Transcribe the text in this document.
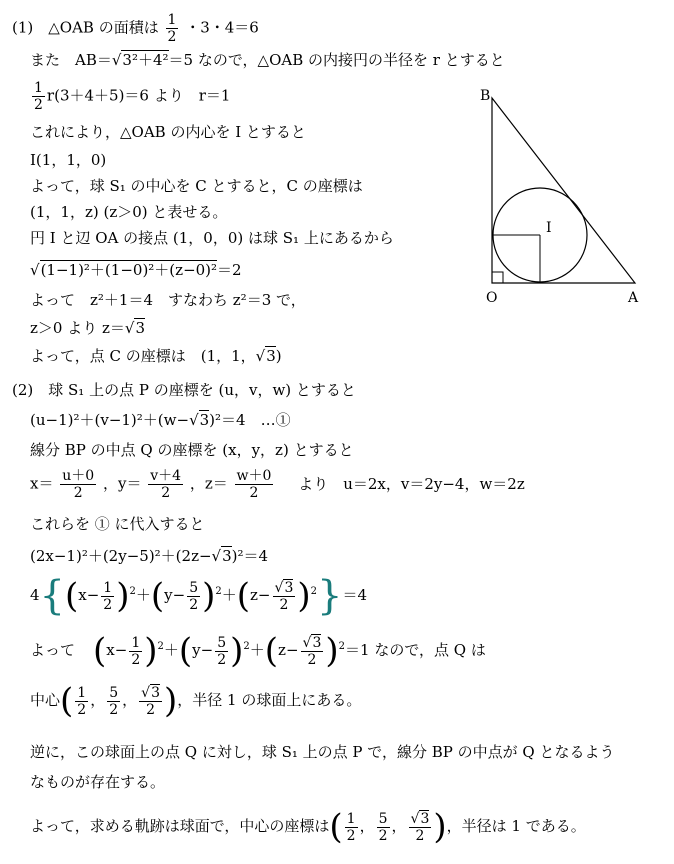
(1)　△OAB の面積は $\frac{1}{2}$ ・3・4＝6
また　AB＝√3²＋4²＝5 なので，△OAB の内接円の半径を r とすると
$\frac{1}{2} r(3+4+5)=6$ より　r＝1
これにより，△OAB の内心を I とすると
I(1，1，0)
よって，球 S₁ の中心を C とすると，C の座標は
(1，1，z) (z＞0) と表せる。
円 I と辺 OA の接点 (1，0，0) は球 S₁ 上にあるから
√(1−1)²＋(1−0)²＋(z−0)²＝2
よって　z²＋1＝4　すなわち z²＝3 で，
z＞0 より z＝√3
よって，点 C の座標は　(1，1，√3)
(2)　球 S₁ 上の点 P の座標を (u，v，w) とすると
(u−1)²＋(v−1)²＋(w−√3)²＝4　…①
線分 BP の中点 Q の座標を (x，y，z) とすると
$x= \frac{u+0}{2}$ ，$y= \frac{v+4}{2}$ ，$z= \frac{w+0}{2}$ より　u＝2x，v＝2y−4，w＝2z
これらを ① に代入すると
(2x−1)²＋(2y−5)²＋(2z−√3)²＝4
$4\{(x- \frac{1}{2} )^2+(y- \frac{5}{2} )^2+(z- \frac{√3}{2} )^2\}=4$
よって $(x- \frac{1}{2} )^2+(y- \frac{5}{2} )^2+(z- \frac{√3}{2} )^2=1$ なので，点 Q は
中心( $\frac{1}{2}$ ， $\frac{5}{2}$ ， $\frac{√3}{2}$ )，半径 1 の球面上にある。
逆に，この球面上の点 Q に対し，球 S₁ 上の点 P で，線分 BP の中点が Q となるよう
なものが存在する。
よって，求める軌跡は球面で，中心の座標は( $\frac{1}{2}$ ， $\frac{5}{2}$ ， $\frac{√3}{2}$ )，半径は 1 である。
B
I
O	A
